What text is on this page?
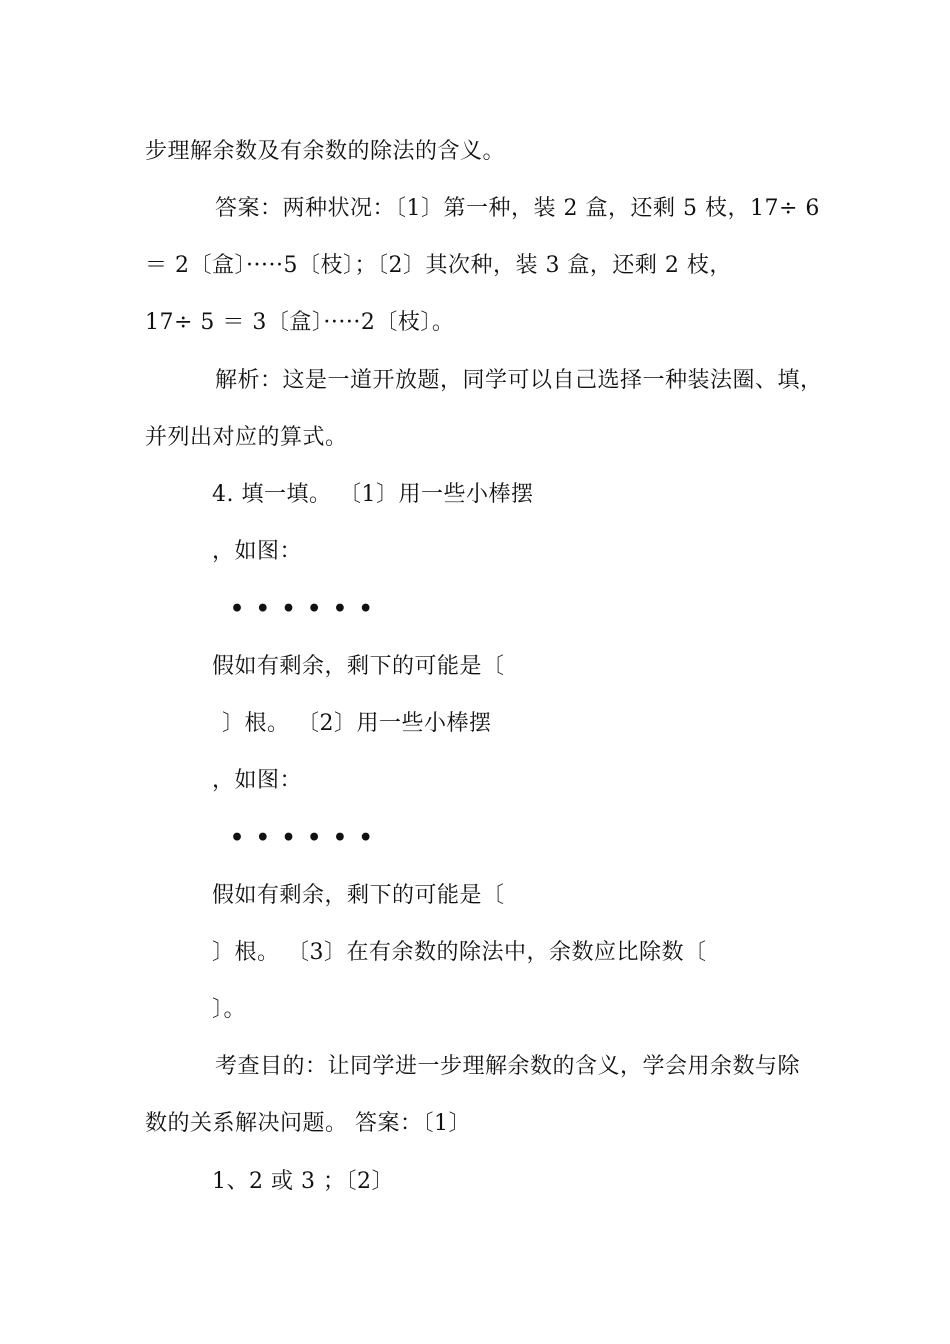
步理解余数及有余数的除法的含义。

答案：两种状况：〔1〕第一种，装 2 盒，还剩 5 枝，17÷ 6

＝ 2〔盒〕·····5〔枝〕；〔2〕其次种，装 3 盒，还剩 2 枝，

17÷ 5 ＝ 3〔盒〕·····2〔枝〕。

解析：这是一道开放题，同学可以自己选择一种装法圈、填，

并列出对应的算式。

4. 填一填。 〔1〕用一些小棒摆

，如图：

• • • • • •

假如有剩余，剩下的可能是〔

〕根。 〔2〕用一些小棒摆

，如图：

• • • • • •

假如有剩余，剩下的可能是〔

〕根。 〔3〕在有余数的除法中，余数应比除数〔

〕。

考查目的：让同学进一步理解余数的含义，学会用余数与除

数的关系解决问题。 答案：〔1〕

1、2 或 3 ；〔2〕
